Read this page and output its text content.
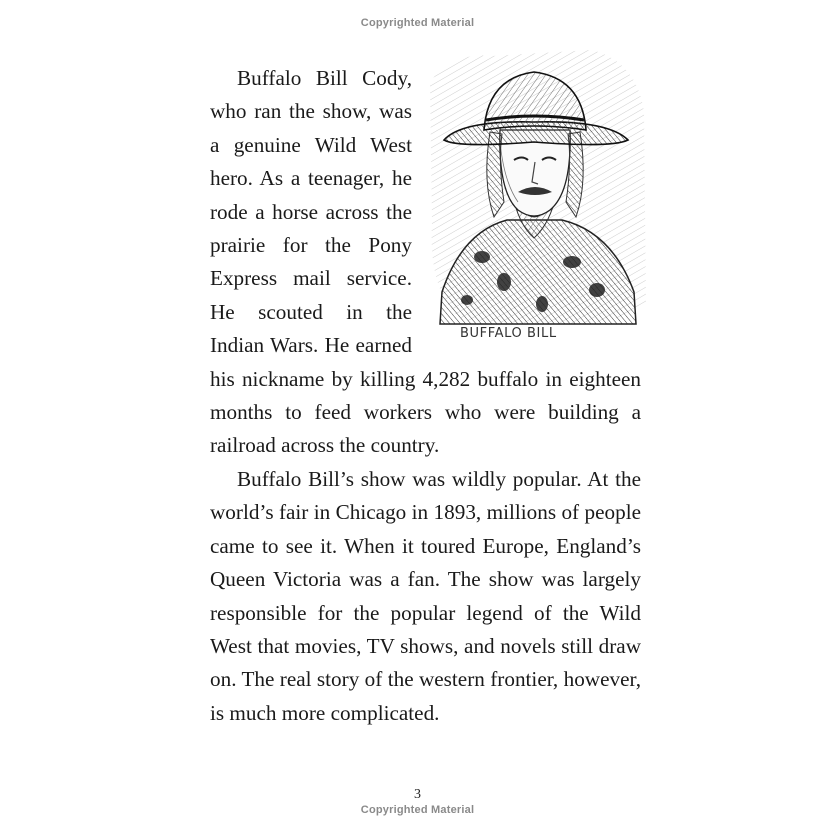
Copyrighted Material
BUFFALO BILL

Buffalo Bill Cody, who ran the show, was a genuine Wild West hero. As a teenager, he rode a horse across the prairie for the Pony Express mail service. He scouted in the Indian Wars. He earned his nickname by killing 4,282 buffalo in eighteen months to feed workers who were building a railroad across the country.

Buffalo Bill’s show was wildly popular. At the world’s fair in Chicago in 1893, millions of people came to see it. When it toured Europe, England’s Queen Victoria was a fan. The show was largely responsible for the popular legend of the Wild West that movies, TV shows, and novels still draw on. The real story of the western frontier, however, is much more complicated.

3
Copyrighted Material
